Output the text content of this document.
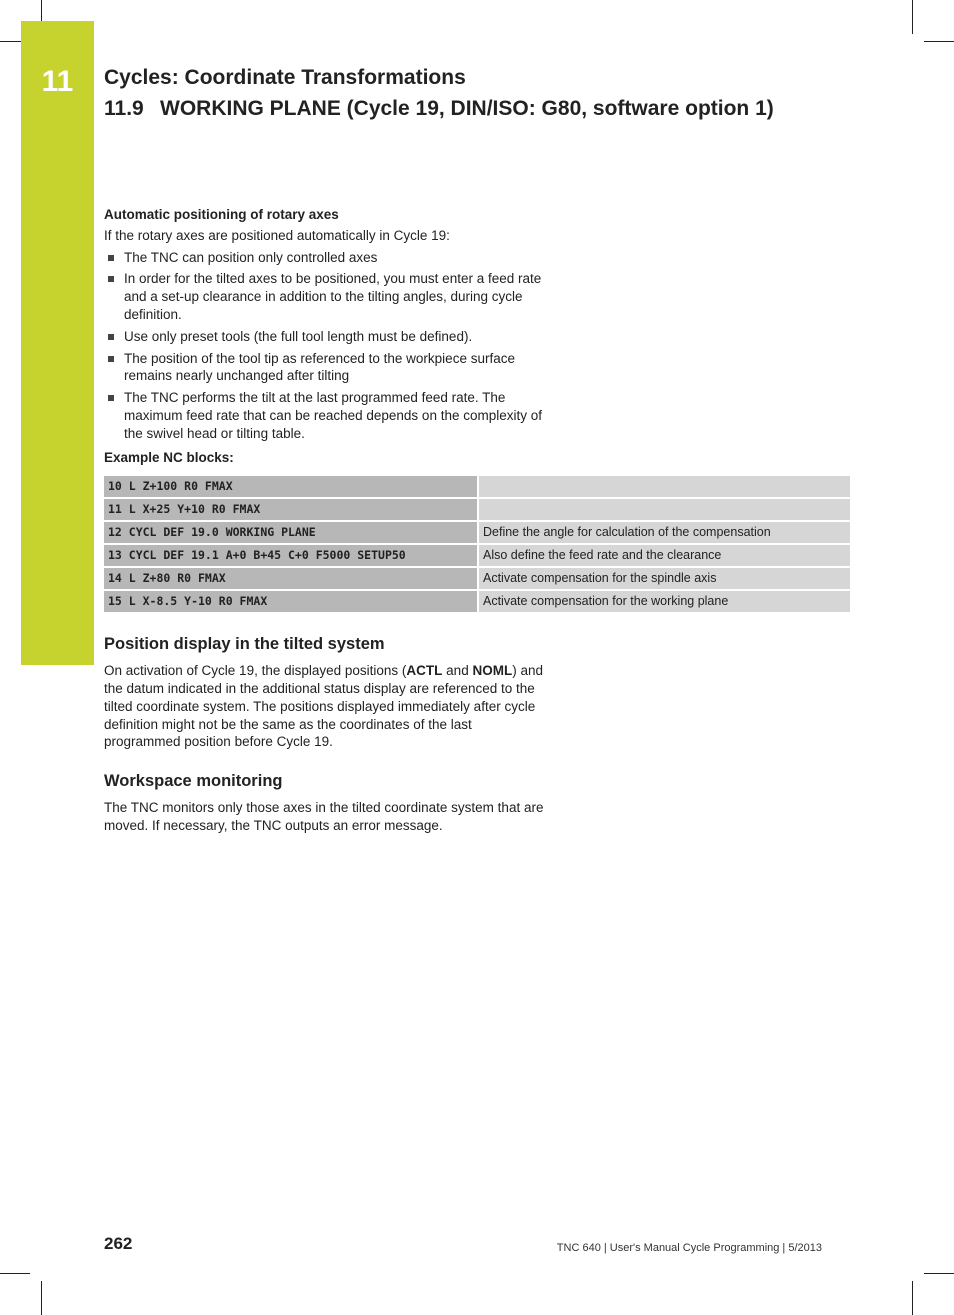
11	Cycles: Coordinate Transformations
11.9 WORKING PLANE (Cycle 19, DIN/ISO: G80, software option 1)
Automatic positioning of rotary axes
If the rotary axes are positioned automatically in Cycle 19:
The TNC can position only controlled axes
In order for the tilted axes to be positioned, you must enter a feed rate and a set-up clearance in addition to the tilting angles, during cycle definition.
Use only preset tools (the full tool length must be defined).
The position of the tool tip as referenced to the workpiece surface remains nearly unchanged after tilting
The TNC performs the tilt at the last programmed feed rate. The maximum feed rate that can be reached depends on the complexity of the swivel head or tilting table.
Example NC blocks:
10 L Z+100 R0 FMAX	
11 L X+25 Y+10 R0 FMAX	
12 CYCL DEF 19.0 WORKING PLANE	Define the angle for calculation of the compensation
13 CYCL DEF 19.1 A+0 B+45 C+0 F5000 SETUP50	Also define the feed rate and the clearance
14 L Z+80 R0 FMAX	Activate compensation for the spindle axis
15 L X-8.5 Y-10 R0 FMAX	Activate compensation for the working plane
Position display in the tilted system

On activation of Cycle 19, the displayed positions (ACTL and NOML) and the datum indicated in the additional status display are referenced to the tilted coordinate system. The positions displayed immediately after cycle definition might not be the same as the coordinates of the last programmed position before Cycle 19.

Workspace monitoring

The TNC monitors only those axes in the tilted coordinate system that are moved. If necessary, the TNC outputs an error message.

262	TNC 640 | User's Manual Cycle Programming | 5/2013
